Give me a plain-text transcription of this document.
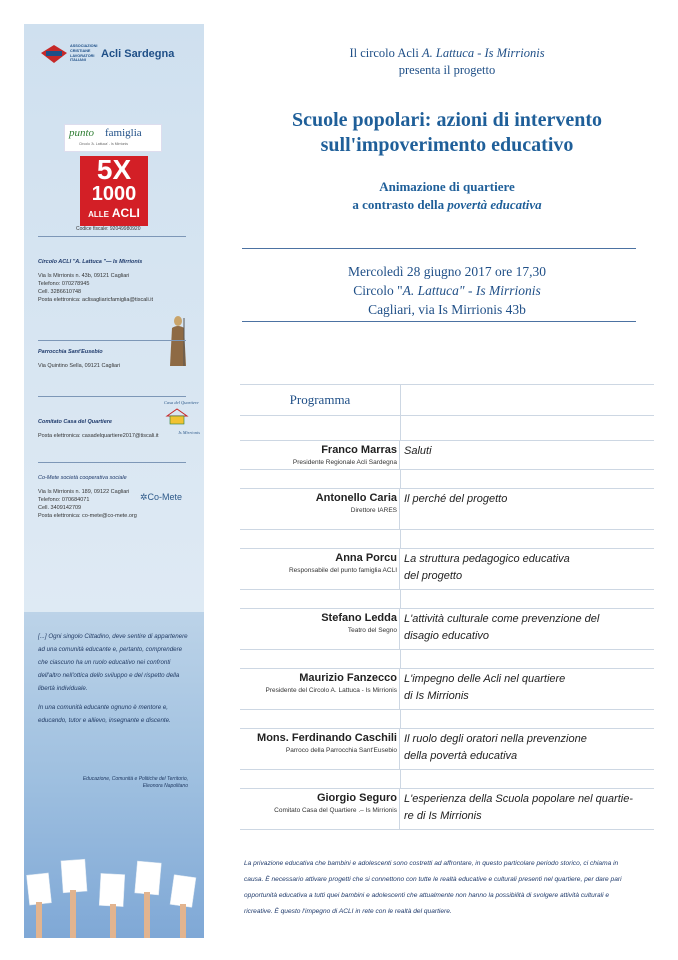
ASSOCIAZIONI
CRISTIANE
LAVORATORI
ITALIANI
Acli Sardegna
punto famiglia
Circolo 'A. Lattuca' - Is Mirrionis
5X
1000
ALLE ACLI
Codice fiscale: 92049980920
Circolo ACLI "A. Lattuca "— Is Mirrionis
Via Is Mirrionis n. 43b, 09121 Cagliari
Telefono: 070278945
Cell. 3286610748
Posta elettronica: aclisagliaricfamiglia@tiscali.it
Parrocchia Sant'Eusebio
Via Quintino Sella, 09121 Cagliari
Comitato Casa del Quartiere
Posta elettronica: casadelquartiere2017@tiscali.it
Casa del Quartiere
Is Mirrionis
Co-Mete società cooperativa sociale
Via Is Mirrionis n. 189, 09122 Cagliari
Telefono: 070684071
Cell. 3409142709
Posta elettronica: co-mete@co-mete.org
✲Co-Mete
[...] Ogni singolo Cittadino, deve sentire di appartenere ad una comunità educante e, pertanto, comprendere che ciascuno ha un ruolo educativo nei confronti dell'altro nell'ottica dello sviluppo e del rispetto della libertà individuale.
In una comunità educante ognuno è mentore e, educando, tutor e allievo, insegnante e discente.
Educazione, Comunità e Politiche del Territorio,
Eleonora Napolitano
Il circolo Acli A. Lattuca - Is Mirrionis
presenta il progetto
Scuole popolari: azioni di intervento
sull'impoverimento educativo
Animazione di quartiere
a contrasto della povertà educativa
Mercoledì 28 giugno 2017 ore 17,30
Circolo "A. Lattuca" - Is Mirrionis
Cagliari, via Is Mirrionis 43b
Programma
Franco Marras
Presidente Regionale Acli Sardegna
Saluti
Antonello Caria
Direttore IARES
Il perché del progetto
Anna Porcu
Responsabile del punto famiglia ACLI
La struttura pedagogico educativa
del progetto
Stefano Ledda
Teatro del Segno
L'attività culturale come prevenzione del
disagio educativo
Maurizio Fanzecco
Presidente del Circolo A. Lattuca - Is Mirrionis
L'impegno delle Acli nel quartiere
di Is Mirrionis
Mons. Ferdinando Caschili
Parroco della Parrocchia Sant'Eusebio
Il ruolo degli oratori nella prevenzione
della povertà educativa
Giorgio Seguro
Comitato Casa del Quartiere .– Is Mirrionis
L'esperienza della Scuola popolare nel quartie-
re di Is Mirrionis
La privazione educativa che bambini e adolescenti sono costretti ad affrontare, in questo particolare periodo storico, ci chiama in causa. È necessario attivare progetti che si connettono con tutte le realtà educative e culturali presenti nel quartiere, per dare pari opportunità educativa a tutti quei bambini e adolescenti che attualmente non hanno la possibilità di svolgere attività culturali e ricreative. È questo l'impegno di ACLI in rete con le realtà del quartiere.
